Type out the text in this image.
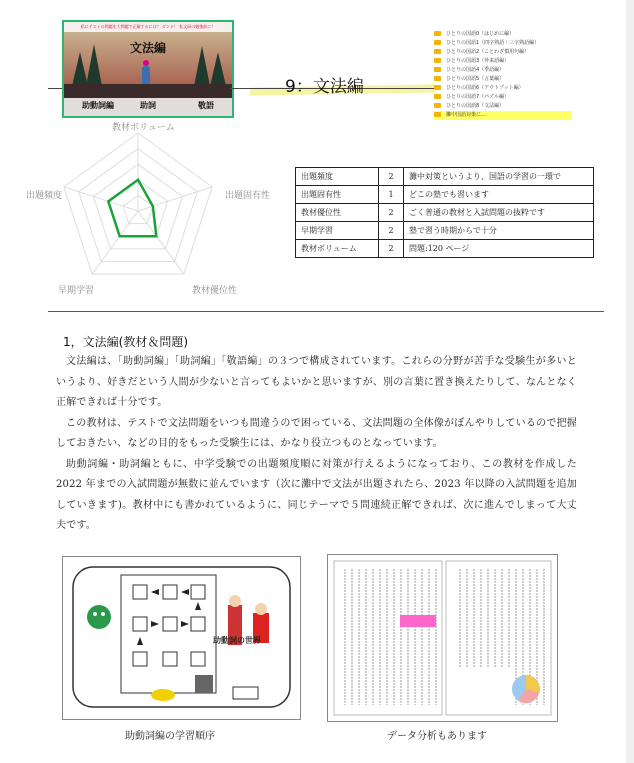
私にテストの問題を大問題で正解するには？ ダンナ！ 私文研の勉強前に！
文法編
助動詞編	助詞	敬語
9：文法編
ひとりの国語0（はじめに編）
ひとりの国語1（四字熟語・三字熟語編）
ひとりの国語2（ことわざ慣用句編）
ひとりの国語3（外来語編）
ひとりの国語4（季語編）
ひとりの国語5（言葉編）
ひとりの国語6（アウトプット編）
ひとりの国語7（パズル編）
ひとりの国語8（文法編）
灘中国語対策に...
教材ボリューム
出題固有性
教材優位性
早期学習
出題頻度
出題頻度	2	灘中対策というより、国語の学習の一環で
出題固有性	1	どこの塾でも習います
教材優位性	2	ごく普通の教材と入試問題の抜粋です
早期学習	2	塾で習う時期からで十分
教材ボリューム	2	問題:120 ページ
1，文法編(教材＆問題)

文法編は、「助動詞編」「助詞編」「敬語編」の３つで構成されています。これらの分野が苦手な受験生が多いというより、好きだという人間が少ないと言ってもよいかと思いますが、別の言葉に置き換えたりして、なんとなく正解できれば十分です。

この教材は、テストで文法問題をいつも間違うので困っている、文法問題の全体像がぼんやりしているので把握しておきたい、などの目的をもった受験生には、かなり役立つものとなっています。

助動詞編・助詞編ともに、中学受験での出題頻度順に対策が行えるようになっており、この教材を作成した 2022 年までの入試問題が無数に並んでいます（次に灘中で文法が出題されたら、2023 年以降の入試問題を追加していきます)。教材中にも書かれているように、同じテーマで５問連続正解できれば、次に進んでしまって大丈夫です。

助動詞の世界
助動詞編の学習順序	データ分析もあります
